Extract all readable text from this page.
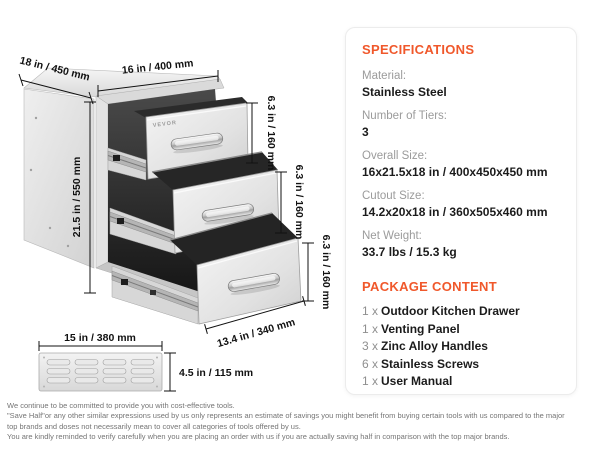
VEVOR
16 in / 400 mm
18 in / 450 mm
21.5 in / 550 mm
6.3 in / 160 mm
6.3 in / 160 mm
6.3 in / 160 mm
13.4 in / 340 mm
15 in / 380 mm
4.5 in / 115 mm
SPECIFICATIONS
Material:
Stainless Steel
Number of Tiers:
3
Overall Size:
16x21.5x18 in / 400x450x450 mm
Cutout Size:
14.2x20x18 in / 360x505x460 mm
Net Weight:
33.7 lbs / 15.3 kg
PACKAGE CONTENT
1 x Outdoor Kitchen Drawer
1 x Venting Panel
3 x Zinc Alloy Handles
6 x Stainless Screws
1 x User Manual
We continue to be committed to provide you with cost-effective tools.
"Save Half"or any other similar expressions used by us only represents an estimate of savings you might benefit from buying certain tools with us compared to the major
top brands and doses not necessarily mean to cover all categories of tools offered by us.
You are kindly reminded to verify carefully when you are placing an order with us if you are actually saving half in comparison with the top major brands.
